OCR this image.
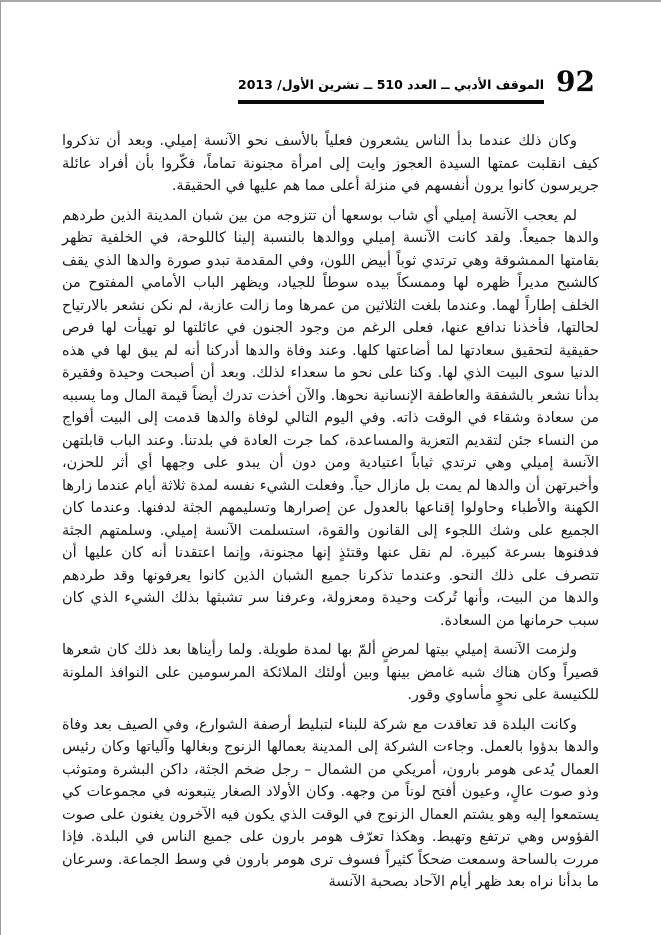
الموقف الأدبي ــ العدد 510 ــ تشرين الأول/ 2013 92

وكان ذلك عندما بدأ الناس يشعرون فعلياً بالأسف نحو الآنسة إميلي. وبعد أن تذكروا كيف انقلبت عمتها السيدة العجوز وايت إلى امرأة مجنونة تماماً، فكّروا بأن أفراد عائلة جريرسون كانوا يرون أنفسهم في منزلة أعلى مما هم عليها في الحقيقة.

لم يعجب الآنسة إميلي أي شاب بوسعها أن تتزوجه من بين شبان المدينة الذين طردهم والدها جميعاً. ولقد كانت الآنسة إميلي ووالدها بالنسبة إلينا كاللوحة، في الخلفية تظهر بقامتها الممشوقة وهي ترتدي ثوباً أبيض اللون، وفي المقدمة تبدو صورة والدها الذي يقف كالشبح مديراً ظهره لها وممسكاً بيده سوطاً للجياد، ويظهر الباب الأمامي المفتوح من الخلف إطاراً لهما. وعندما بلغت الثلاثين من عمرها وما زالت عازبة، لم نكن نشعر بالارتياح لحالتها، فأخذنا ندافع عنها، فعلى الرغم من وجود الجنون في عائلتها لو تهيأت لها فرص حقيقية لتحقيق سعادتها لما أضاعتها كلها. وعند وفاة والدها أدركنا أنه لم يبق لها في هذه الدنيا سوى البيت الذي لها. وكنا على نحو ما سعداء لذلك. وبعد أن أصبحت وحيدة وفقيرة بدأنا نشعر بالشفقة والعاطفة الإنسانية نحوها. والآن أخذت تدرك أيضاً قيمة المال وما يسببه من سعادة وشقاء في الوقت ذاته. وفي اليوم التالي لوفاة والدها قدمت إلى البيت أفواج من النساء جئن لتقديم التعزية والمساعدة، كما جرت العادة في بلدتنا. وعند الباب قابلتهن الآنسة إميلي وهي ترتدي ثياباً اعتيادية ومن دون أن يبدو على وجهها أي أثر للحزن، وأخبرتهن أن والدها لم يمت بل مازال حياً. وفعلت الشيء نفسه لمدة ثلاثة أيام عندما زارها الكهنة والأطباء وحاولوا إقناعها بالعدول عن إصرارها وتسليمهم الجثة لدفنها. وعندما كان الجميع على وشك اللجوء إلى القانون والقوة، استسلمت الآنسة إميلي. وسلمتهم الجثة فدفنوها بسرعة كبيرة. لم نقل عنها وقتئذٍ إنها مجنونة، وإنما اعتقدنا أنه كان عليها أن تتصرف على ذلك النحو. وعندما تذكرنا جميع الشبان الذين كانوا يعرفونها وقد طردهم والدها من البيت، وأنها تُركت وحيدة ومعزولة، وعرفنا سر تشبثها بذلك الشيء الذي كان سبب حرمانها من السعادة.

ولزمت الآنسة إميلي بيتها لمرضٍ ألمّ بها لمدة طويلة. ولما رأيناها بعد ذلك كان شعرها قصيراً وكان هناك شبه غامض بينها وبين أولئك الملائكة المرسومين على النوافذ الملونة للكنيسة على نحوٍ مأساوي وقور.

وكانت البلدة قد تعاقدت مع شركة للبناء لتبليط أرصفة الشوارع، وفي الصيف بعد وفاة والدها بدؤوا بالعمل. وجاءت الشركة إلى المدينة بعمالها الزنوج وبغالها وآلياتها وكان رئيس العمال يُدعى هومر بارون، أمريكي من الشمال – رجل ضخم الجثة، داكن البشرة ومتوثب وذو صوت عالٍ، وعيون أفتح لوناً من وجهه. وكان الأولاد الصغار يتبعونه في مجموعات كي يستمعوا إليه وهو يشتم العمال الزنوج في الوقت الذي يكون فيه الآخرون يغنون على صوت الفؤوس وهي ترتفع وتهبط. وهكذا تعرّف هومر بارون على جميع الناس في البلدة. فإذا مررت بالساحة وسمعت ضحكاً كثيراً فسوف ترى هومر بارون في وسط الجماعة. وسرعان ما بدأنا نراه بعد ظهر أيام الآحاد بصحبة الآنسة
